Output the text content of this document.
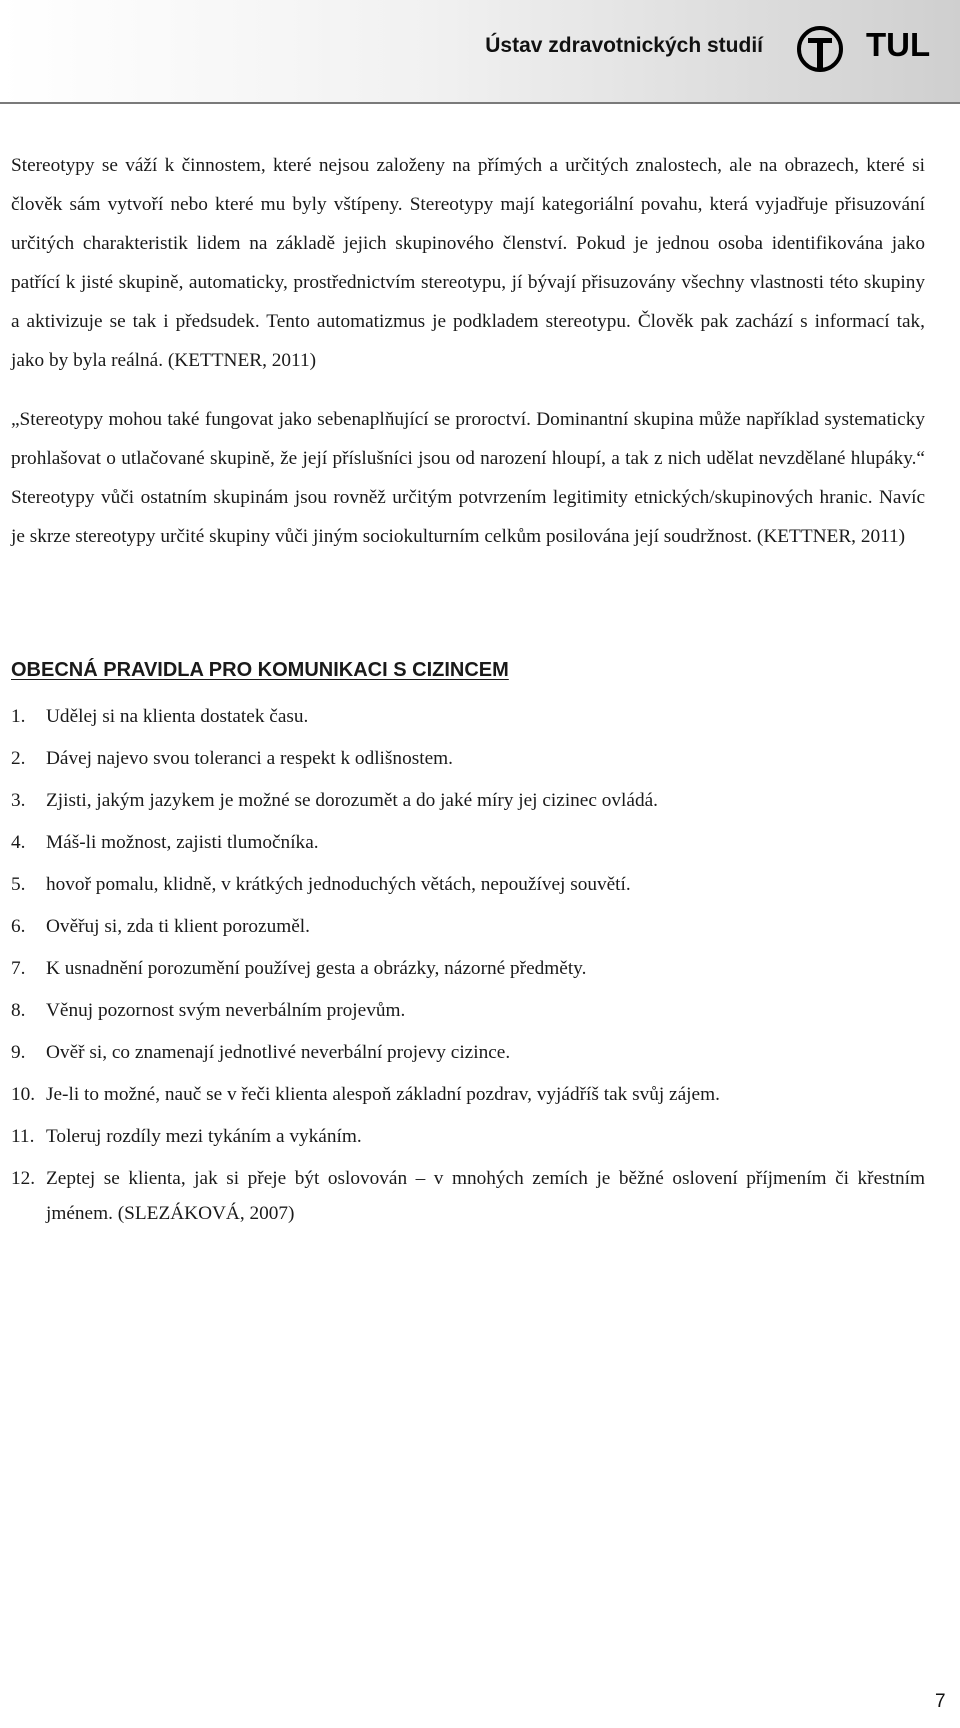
Ústav zdravotnických studií	TUL

Stereotypy se váží k činnostem, které nejsou založeny na přímých a určitých znalostech, ale na obrazech, které si člověk sám vytvoří nebo které mu byly vštípeny. Stereotypy mají kategoriální povahu, která vyjadřuje přisuzování určitých charakteristik lidem na základě jejich skupinového členství. Pokud je jednou osoba identifikována jako patřící k jisté skupině, automaticky, prostřednictvím stereotypu, jí bývají přisuzovány všechny vlastnosti této skupiny a aktivizuje se tak i předsudek. Tento automatizmus je podkladem stereotypu. Člověk pak zachází s informací tak, jako by byla reálná. (KETTNER, 2011)

„Stereotypy mohou také fungovat jako sebenaplňující se proroctví. Dominantní skupina může například systematicky prohlašovat o utlačované skupině, že její příslušníci jsou od narození hloupí, a tak z nich udělat nevzdělané hlupáky.“ Stereotypy vůči ostatním skupinám jsou rovněž určitým potvrzením legitimity etnických/skupinových hranic. Navíc je skrze stereotypy určité skupiny vůči jiným sociokulturním celkům posilována její soudržnost. (KETTNER, 2011)

OBECNÁ PRAVIDLA PRO KOMUNIKACI S CIZINCEM
1.	Udělej si na klienta dostatek času.
2.	Dávej najevo svou toleranci a respekt k odlišnostem.
3.	Zjisti, jakým jazykem je možné se dorozumět a do jaké míry jej cizinec ovládá.
4.	Máš-li možnost, zajisti tlumočníka.
5.	hovoř pomalu, klidně, v krátkých jednoduchých větách, nepoužívej souvětí.
6.	Ověřuj si, zda ti klient porozuměl.
7.	K usnadnění porozumění používej gesta a obrázky, názorné předměty.
8.	Věnuj pozornost svým neverbálním projevům.
9.	Ověř si, co znamenají jednotlivé neverbální projevy cizince.
10. Je-li to možné, nauč se v řeči klienta alespoň základní pozdrav, vyjádříš tak svůj zájem.
11. Toleruj rozdíly mezi tykáním a vykáním.
12. Zeptej se klienta, jak si přeje být oslovován – v mnohých zemích je běžné oslovení příjmením či křestním jménem. (SLEZÁKOVÁ, 2007)
7
